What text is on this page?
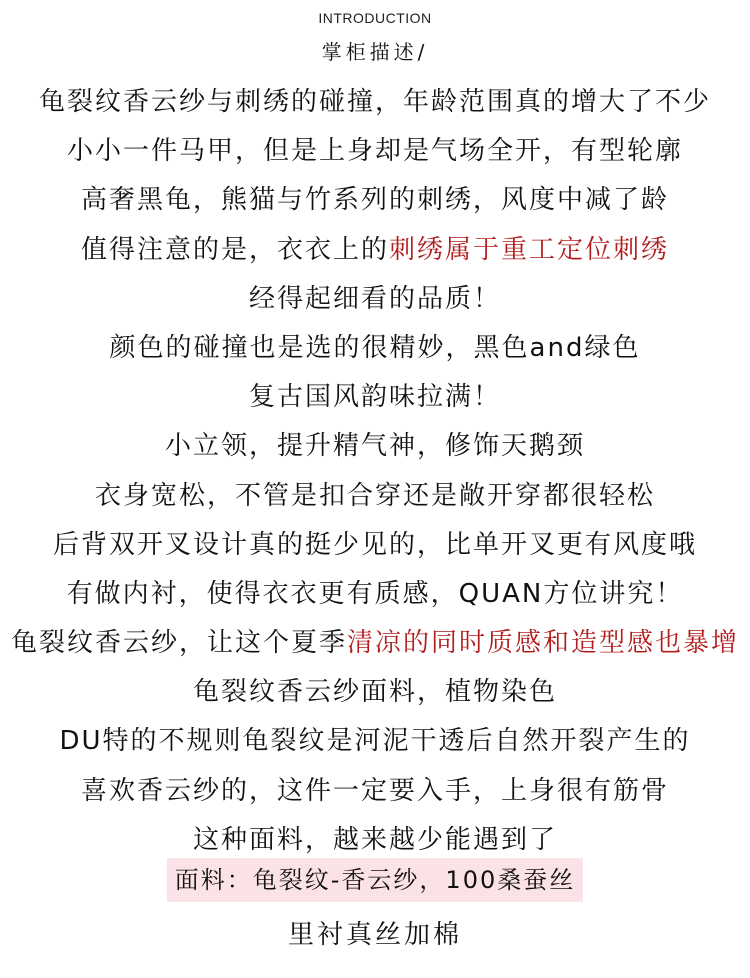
INTRODUCTION
掌柜描述/
龟裂纹香云纱与刺绣的碰撞，年龄范围真的增大了不少
小小一件马甲，但是上身却是气场全开，有型轮廓
高奢黑龟，熊猫与竹系列的刺绣，风度中减了龄
值得注意的是，衣衣上的刺绣属于重工定位刺绣
经得起细看的品质！
颜色的碰撞也是选的很精妙，黑色and绿色
复古国风韵味拉满！
小立领，提升精气神，修饰天鹅颈
衣身宽松，不管是扣合穿还是敞开穿都很轻松
后背双开叉设计真的挺少见的，比单开叉更有风度哦
有做内衬，使得衣衣更有质感，QUAN方位讲究！
龟裂纹香云纱，让这个夏季清凉的同时质感和造型感也暴增
龟裂纹香云纱面料，植物染色
DU特的不规则龟裂纹是河泥干透后自然开裂产生的
喜欢香云纱的，这件一定要入手，上身很有筋骨
这种面料，越来越少能遇到了
面料：龟裂纹-香云纱，100桑蚕丝
里衬真丝加棉
